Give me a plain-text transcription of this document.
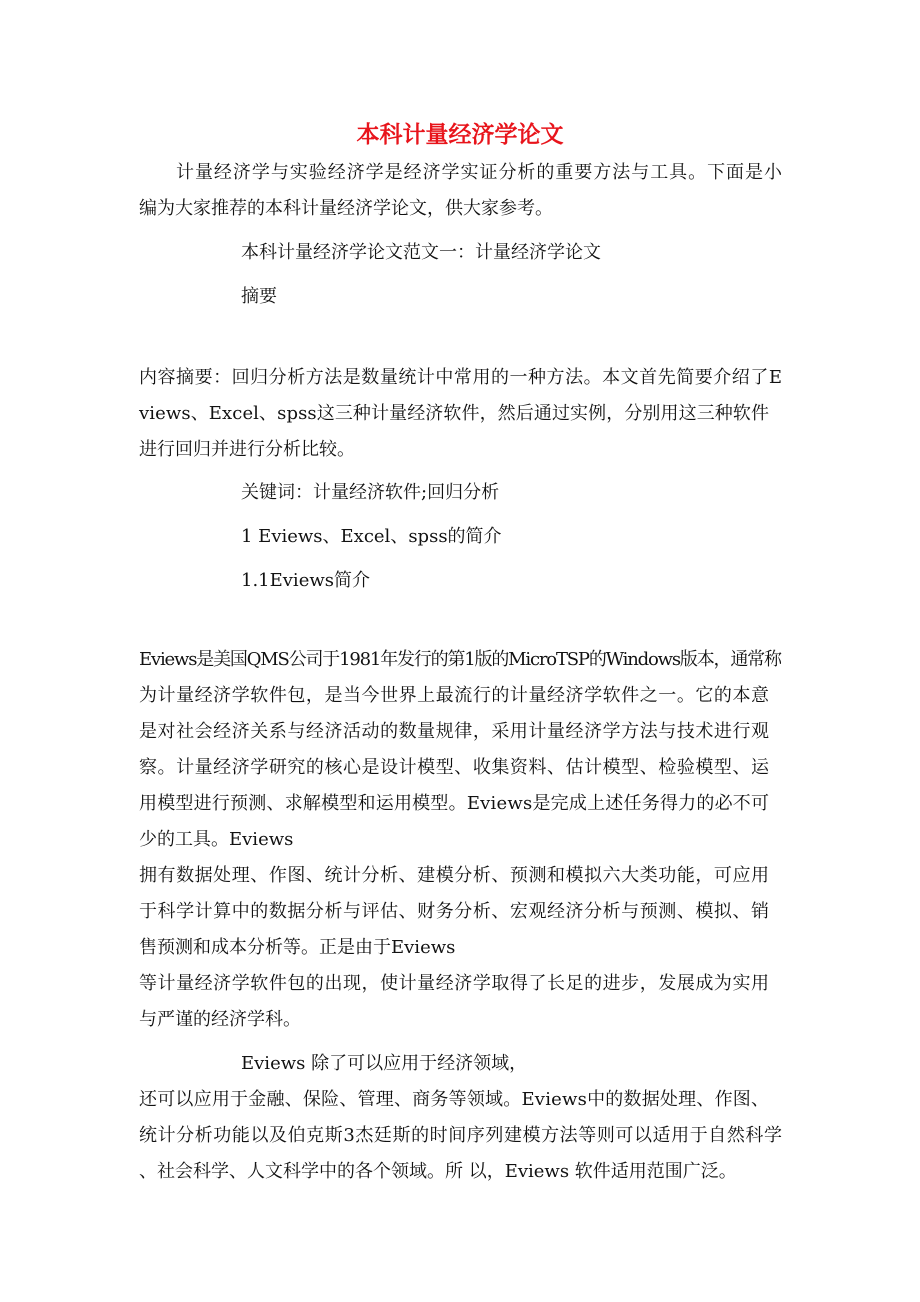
本科计量经济学论文
计量经济学与实验经济学是经济学实证分析的重要方法与工具。下面是小
编为大家推荐的本科计量经济学论文，供大家参考。
本科计量经济学论文范文一：计量经济学论文
摘要
内容摘要：回归分析方法是数量统计中常用的一种方法。本文首先简要介绍了E
views、Excel、spss这三种计量经济软件，然后通过实例，分别用这三种软件
进行回归并进行分析比较。
关键词：计量经济软件;回归分析
1 Eviews、Excel、spss的简介
1.1Eviews简介
Eviews是美国QMS公司于1981年发行的第1版的MicroTSP的Windows版本，通常称
为计量经济学软件包，是当今世界上最流行的计量经济学软件之一。它的本意
是对社会经济关系与经济活动的数量规律，采用计量经济学方法与技术进行观
察。计量经济学研究的核心是设计模型、收集资料、估计模型、检验模型、运
用模型进行预测、求解模型和运用模型。Eviews是完成上述任务得力的必不可
少的工具。Eviews
拥有数据处理、作图、统计分析、建模分析、预测和模拟六大类功能，可应用
于科学计算中的数据分析与评估、财务分析、宏观经济分析与预测、模拟、销
售预测和成本分析等。正是由于Eviews
等计量经济学软件包的出现，使计量经济学取得了长足的进步，发展成为实用
与严谨的经济学科。
Eviews 除了可以应用于经济领域，
还可以应用于金融、保险、管理、商务等领域。Eviews中的数据处理、作图、
统计分析功能以及伯克斯3杰廷斯的时间序列建模方法等则可以适用于自然科学
、社会科学、人文科学中的各个领域。所 以，Eviews 软件适用范围广泛。
